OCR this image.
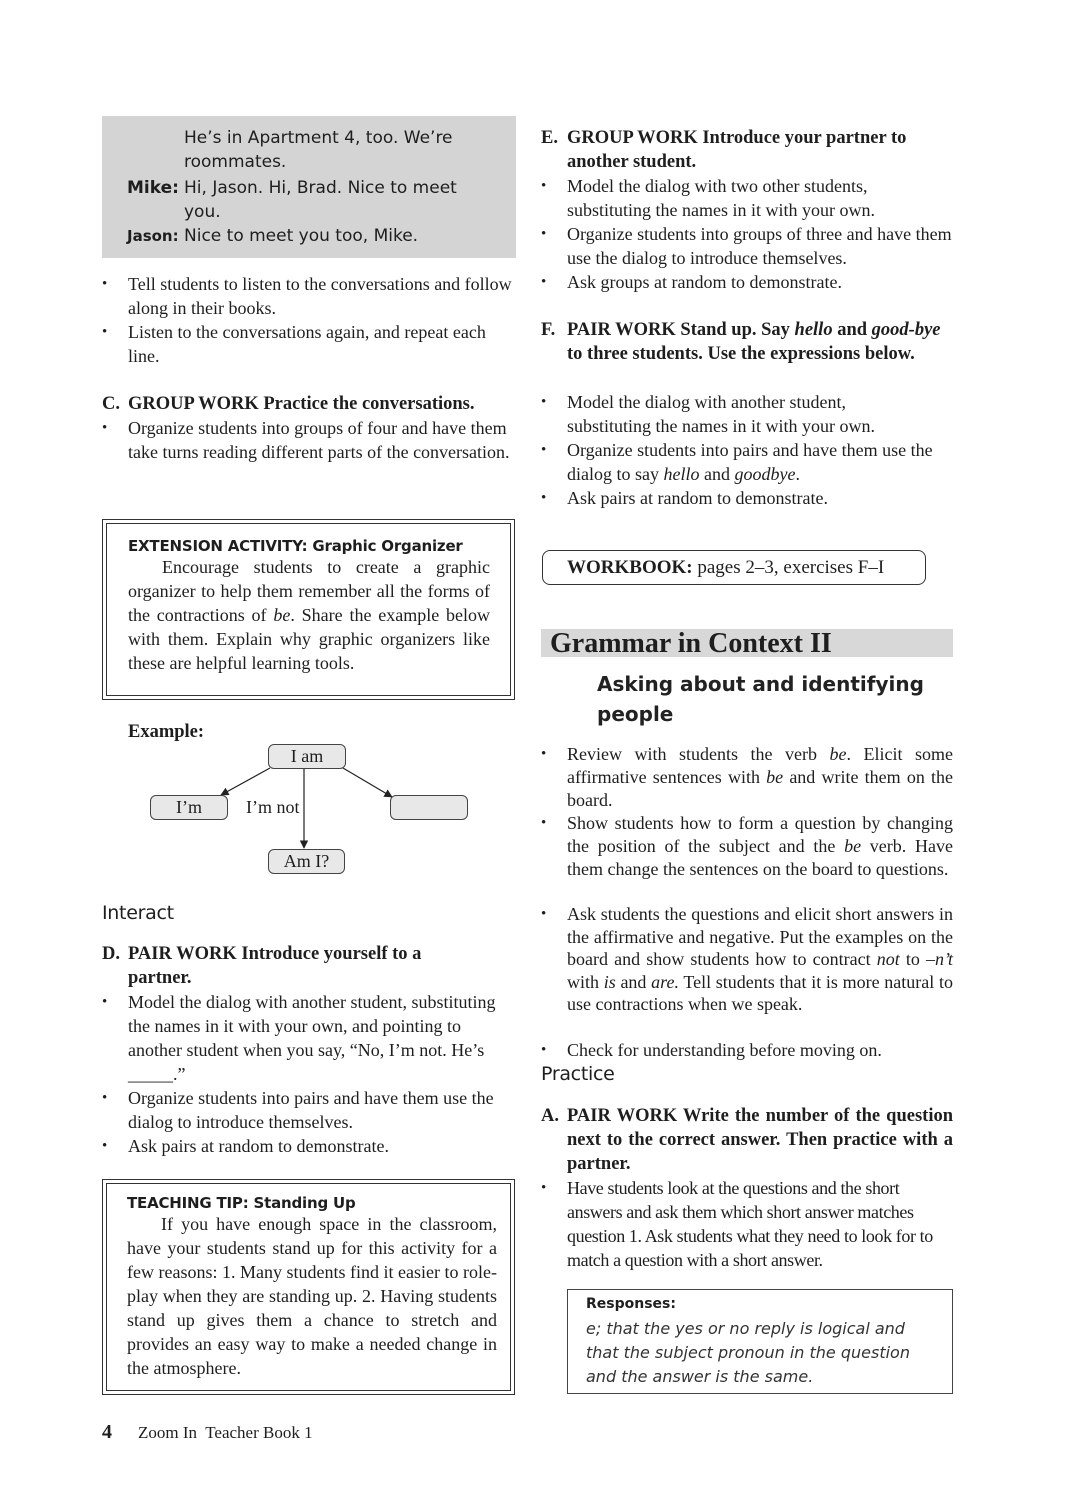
He’s in Apartment 4, too. We’re roommates.
Mike: Hi, Jason. Hi, Brad. Nice to meet you.
Jason: Nice to meet you too, Mike.
• Tell students to listen to the conversations and follow along in their books.
• Listen to the conversations again, and repeat each line.
C. GROUP WORK Practice the conversations.
• Organize students into groups of four and have them take turns reading different parts of the conversation.
EXTENSION ACTIVITY: Graphic Organizer
Encourage students to create a graphic organizer to help them remember all the forms of the contractions of be. Share the example below with them. Explain why graphic organizers like these are helpful learning tools.
Example:
I am
I’m	I’m not
Am I?
Interact
D. PAIR WORK Introduce yourself to a partner.
• Model the dialog with another student, substituting the names in it with your own, and pointing to another student when you say, “No, I’m not. He’s _____.”
• Organize students into pairs and have them use the dialog to introduce themselves.
• Ask pairs at random to demonstrate.
TEACHING TIP: Standing Up
If you have enough space in the classroom, have your students stand up for this activity for a few reasons: 1. Many students find it easier to role-play when they are standing up. 2. Having students stand up gives them a chance to stretch and provides an easy way to make a needed change in the atmosphere.
E. GROUP WORK Introduce your partner to another student.
• Model the dialog with two other students, substituting the names in it with your own.
• Organize students into groups of three and have them use the dialog to introduce themselves.
• Ask groups at random to demonstrate.
F. PAIR WORK Stand up. Say hello and good-bye to three students. Use the expressions below.
• Model the dialog with another student, substituting the names in it with your own.
• Organize students into pairs and have them use the dialog to say hello and goodbye.
• Ask pairs at random to demonstrate.
WORKBOOK: pages 2–3, exercises F–I
Grammar in Context II
Asking about and identifying people
• Review with students the verb be. Elicit some affirmative sentences with be and write them on the board.
• Show students how to form a question by changing the position of the subject and the be verb. Have them change the sentences on the board to questions.
• Ask students the questions and elicit short answers in the affirmative and negative. Put the examples on the board and show students how to contract not to –n’t with is and are. Tell students that it is more natural to use contractions when we speak.
• Check for understanding before moving on.
Practice
A. PAIR WORK Write the number of the question next to the correct answer. Then practice with a partner.
• Have students look at the questions and the short answers and ask them which short answer matches question 1. Ask students what they need to look for to match a question with a short answer.
Responses:
e; that the yes or no reply is logical and that the subject pronoun in the question and the answer is the same.
4 Zoom In  Teacher Book 1
